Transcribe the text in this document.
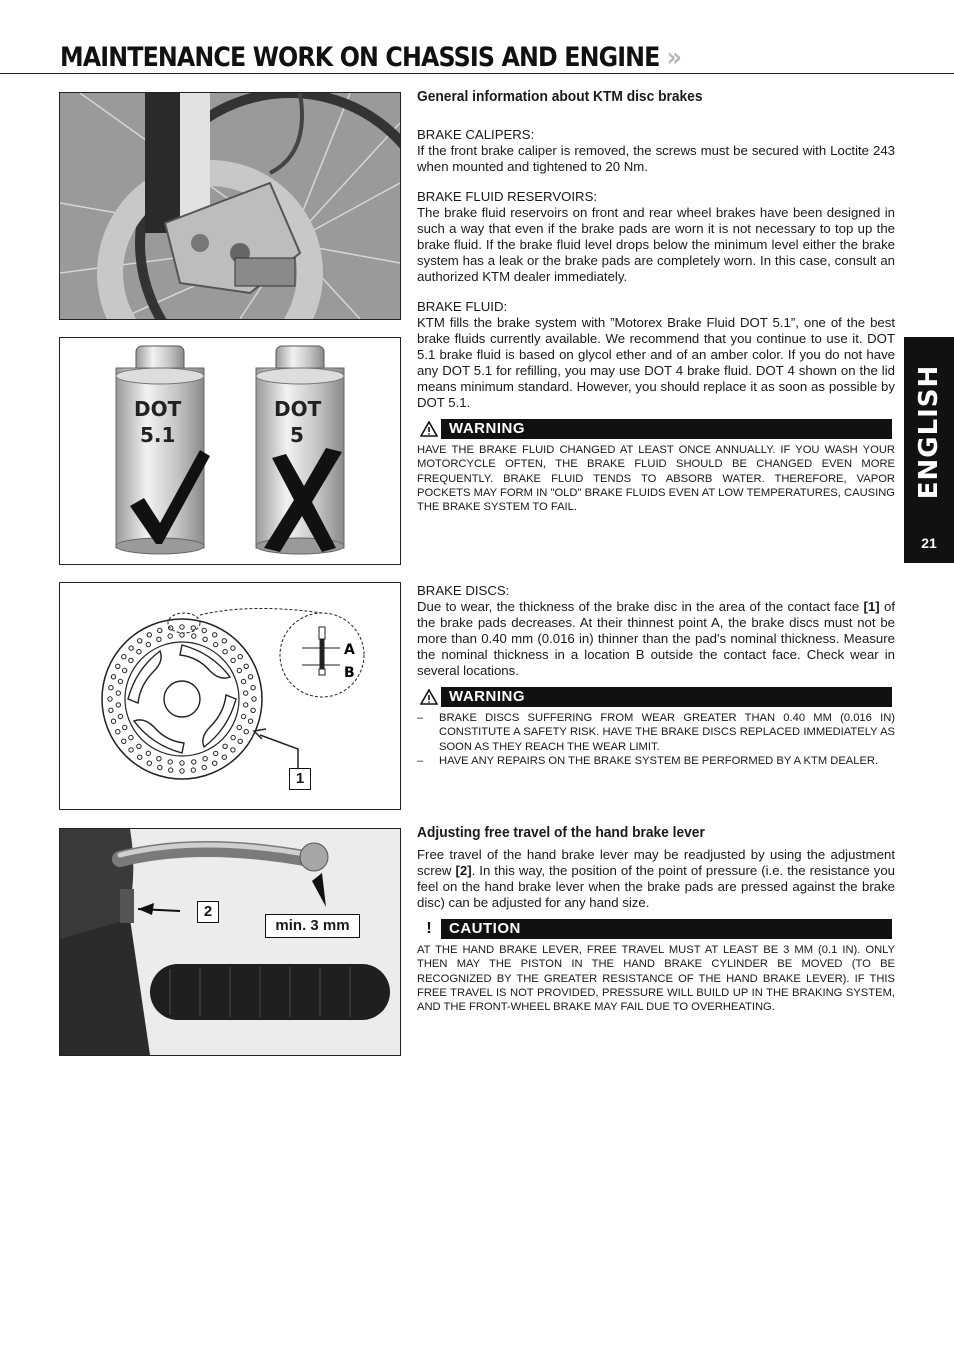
MAINTENANCE WORK ON CHASSIS AND ENGINE »
ENGLISH
21
DOT
5.1
DOT
5
A
B
1
2
min. 3 mm

General information about KTM disc brakes

BRAKE CALIPERS:

If the front brake caliper is removed, the screws must be secured with Loctite 243 when mounted and tightened to 20 Nm.

BRAKE FLUID RESERVOIRS:

The brake fluid reservoirs on front and rear wheel brakes have been designed in such a way that even if the brake pads are worn it is not necessary to top up the brake fluid. If the brake fluid level drops below the minimum level either the brake system has a leak or the brake pads are completely worn. In this case, consult an authorized KTM dealer immediately.

BRAKE FLUID:

KTM fills the brake system with ”Motorex Brake Fluid DOT 5.1”, one of the best brake fluids currently available. We recommend that you continue to use it. DOT 5.1 brake fluid is based on glycol ether and of an amber color. If you do not have any DOT 5.1 for refilling, you may use DOT 4 brake fluid. DOT 4 shown on the lid means minimum standard. However, you should replace it as soon as possible by DOT 5.1.

WARNING

HAVE THE BRAKE FLUID CHANGED AT LEAST ONCE ANNUALLY. IF YOU WASH YOUR MOTORCYCLE OFTEN, THE BRAKE FLUID SHOULD BE CHANGED EVEN MORE FREQUENTLY. BRAKE FLUID TENDS TO ABSORB WATER. THEREFORE, VAPOR POCKETS MAY FORM IN "OLD" BRAKE FLUIDS EVEN AT LOW TEMPERATURES, CAUSING THE BRAKE SYSTEM TO FAIL.

BRAKE DISCS:

Due to wear, the thickness of the brake disc in the area of the contact face [1] of the brake pads decreases. At their thinnest point A, the brake discs must not be more than 0.40 mm (0.016 in) thinner than the pad's nominal thickness. Measure the nominal thickness in a location B outside the contact face. Check wear in several locations.

WARNING
–	BRAKE DISCS SUFFERING FROM WEAR GREATER THAN 0.40 MM (0.016 IN) CONSTITUTE A SAFETY RISK. HAVE THE BRAKE DISCS REPLACED IMMEDIATELY AS SOON AS THEY REACH THE WEAR LIMIT.
–	HAVE ANY REPAIRS ON THE BRAKE SYSTEM BE PERFORMED BY A KTM DEALER.

Adjusting free travel of the hand brake lever

Free travel of the hand brake lever may be readjusted by using the adjustment screw [2]. In this way, the position of the point of pressure (i.e. the resistance you feel on the hand brake lever when the brake pads are pressed against the brake disc) can be adjusted for any hand size.

!	CAUTION

AT THE HAND BRAKE LEVER, FREE TRAVEL MUST AT LEAST BE 3 MM (0.1 IN). ONLY THEN MAY THE PISTON IN THE HAND BRAKE CYLINDER BE MOVED (TO BE RECOGNIZED BY THE GREATER RESISTANCE OF THE HAND BRAKE LEVER). IF THIS FREE TRAVEL IS NOT PROVIDED, PRESSURE WILL BUILD UP IN THE BRAKING SYSTEM, AND THE FRONT-WHEEL BRAKE MAY FAIL DUE TO OVERHEATING.
